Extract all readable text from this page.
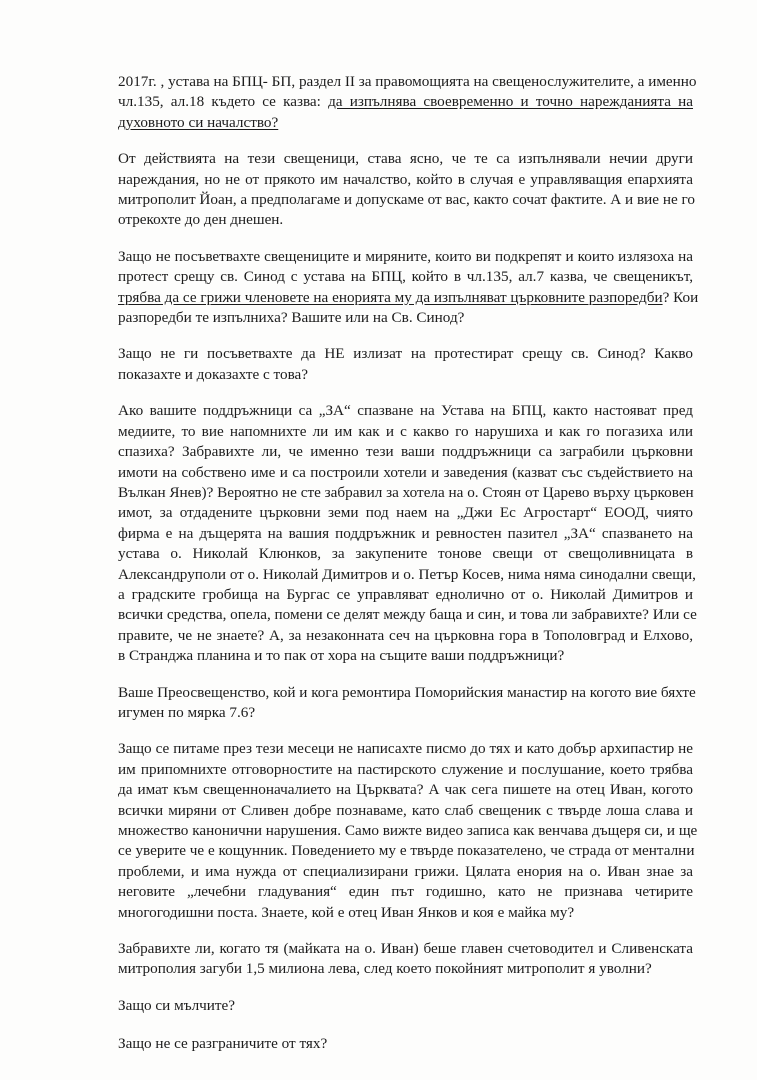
2017г. , устава на БПЦ- БП, раздел II за правомощията на свещенослужителите, а именно
чл.135, ал.18 където се казва: да изпълнява своевременно и точно нарежданията на
духовното си началство?

От действията на тези свещеници, става ясно, че те са изпълнявали нечии други
нареждания, но не от прякото им началство, който в случая е управляващия епархията
митрополит Йоан, а предполагаме и допускаме от вас, както сочат фактите. А и вие не го
отрекохте до ден днешен.

Защо не посъветвахте свещениците и миряните, които ви подкрепят и които излязоха на
протест срещу св. Синод с устава на БПЦ, който в чл.135, ал.7 казва, че свещеникът,
трябва да се грижи членовете на енорията му да изпълняват църковните разпоредби? Кои
разпоредби те изпълниха? Вашите или на Св. Синод?

Защо не ги посъветвахте да НЕ излизат на протестират срещу св. Синод? Какво
показахте и доказахте с това?

Ако вашите поддръжници са „ЗА“ спазване на Устава на БПЦ, както настояват пред
медиите, то вие напомнихте ли им как и с какво го нарушиха и как го погазиха или
спазиха? Забравихте ли, че именно тези ваши поддръжници са заграбили църковни
имоти на собствено име и са построили хотели и заведения (казват със съдействието на
Вълкан Янев)? Вероятно не сте забравил за хотела на о. Стоян от Царево върху църковен
имот, за отдадените църковни земи под наем на „Джи Ес Агростарт“ ЕООД, чиято
фирма е на дъщерята на вашия поддръжник и ревностен пазител „ЗА“ спазването на
устава о. Николай Клюнков, за закупените тонове свещи от свещоливницата в
Александруполи от о. Николай Димитров и о. Петър Косев, нима няма синодални свещи,
а градските гробища на Бургас се управляват еднолично от о. Николай Димитров и
всички средства, опела, помени се делят между баща и син, и това ли забравихте? Или се
правите, че не знаете? А, за незаконната сеч на църковна гора в Тополовград и Елхово,
в Странджа планина и то пак от хора на същите ваши поддръжници?

Ваше Преосвещенство, кой и кога ремонтира Поморийския манастир на когото вие бяхте
игумен по мярка 7.6?

Защо се питаме през тези месеци не написахте писмо до тях и като добър архипастир не
им припомнихте отговорностите на пастирското служение и послушание, което трябва
да имат към свещенноначалието на Църквата? А чак сега пишете на отец Иван, когото
всички миряни от Сливен добре познаваме, като слаб свещеник с твърде лоша слава и
множество канонични нарушения. Само вижте видео записа как венчава дъщеря си, и ще
се уверите че е кощунник. Поведението му е твърде показателено, че страда от ментални
проблеми, и има нужда от специализирани грижи. Цялата енория на о. Иван знае за
неговите „лечебни гладувания“ един път годишно, като не признава четирите
многогодишни поста. Знаете, кой е отец Иван Янков и коя е майка му?

Забравихте ли, когато тя (майката на о. Иван) беше главен счетоводител и Сливенската
митрополия загуби 1,5 милиона лева, след което покойният митрополит я уволни?

Защо си мълчите?

Защо не се разграничите от тях?
